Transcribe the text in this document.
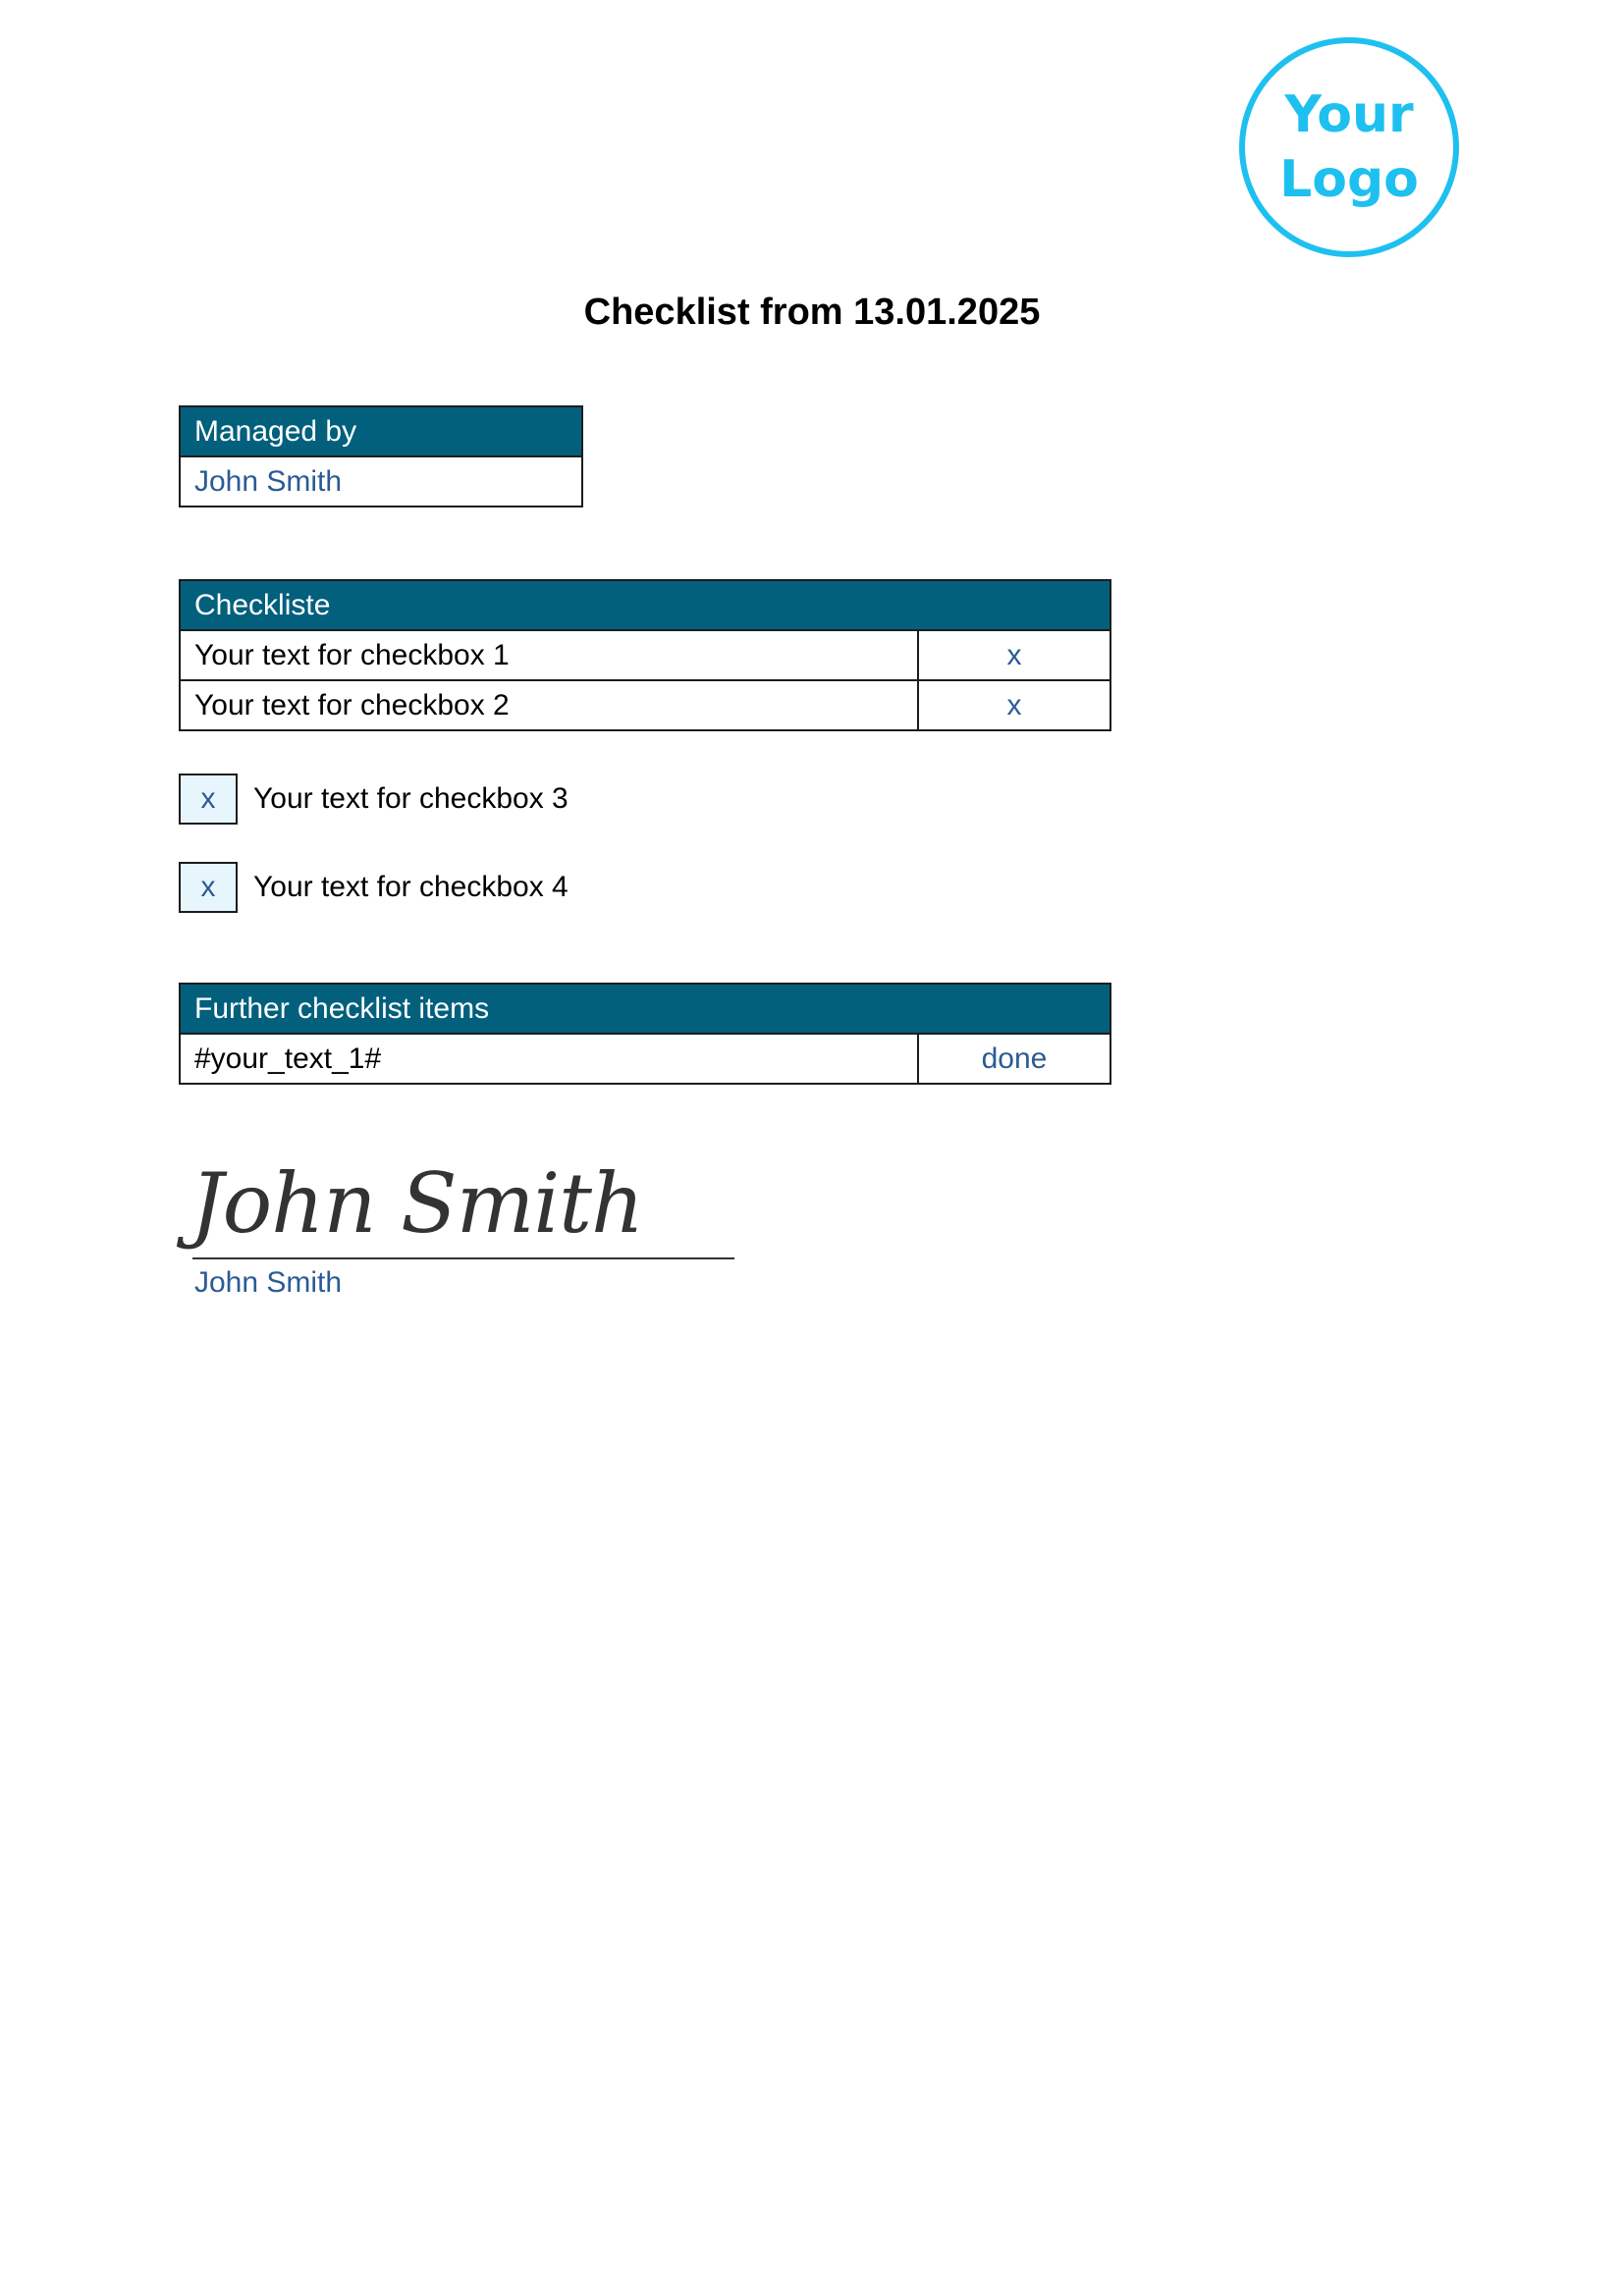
Your
Logo
Checklist from 13.01.2025
Managed by
John Smith
Checkliste	
Your text for checkbox 1	x
Your text for checkbox 2	x
x	Your text for checkbox 3
x	Your text for checkbox 4
Further checklist items
#your_text_1#	done
John Smith
John Smith
